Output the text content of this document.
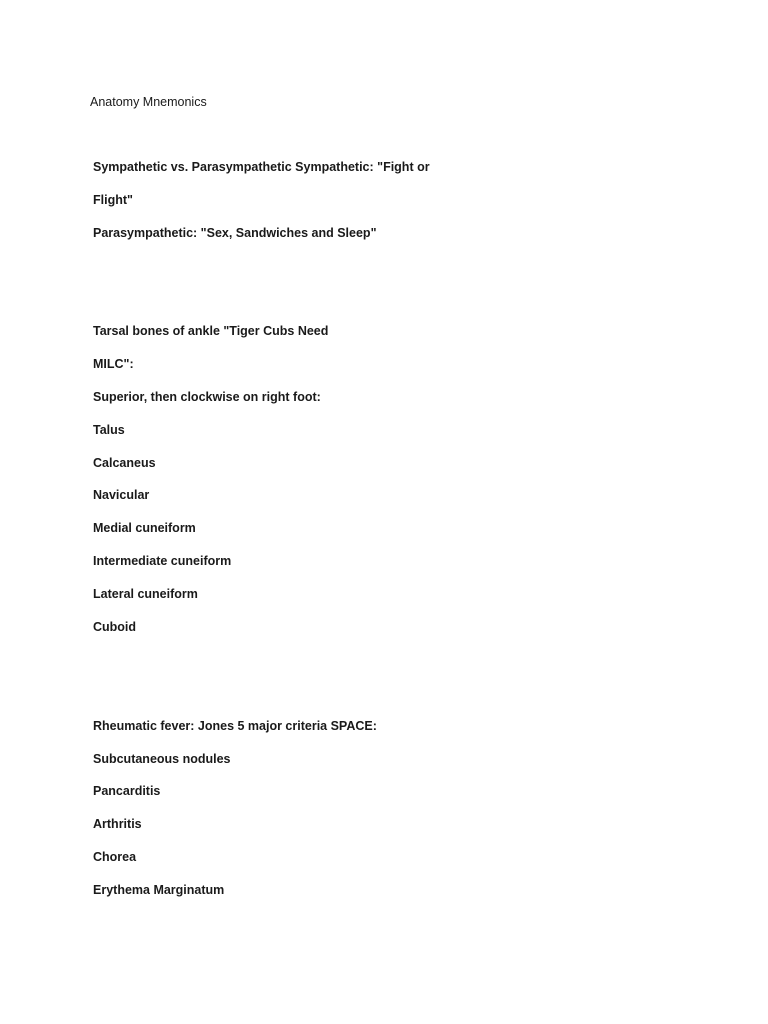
Anatomy Mnemonics

Sympathetic vs. Parasympathetic Sympathetic: "Fight or

Flight"

Parasympathetic: "Sex, Sandwiches and Sleep"

Tarsal bones of ankle "Tiger Cubs Need

MILC":

Superior, then clockwise on right foot:

Talus

Calcaneus

Navicular

Medial cuneiform

Intermediate cuneiform

Lateral cuneiform

Cuboid

Rheumatic fever: Jones 5 major criteria SPACE:

Subcutaneous nodules

Pancarditis

Arthritis

Chorea

Erythema Marginatum
